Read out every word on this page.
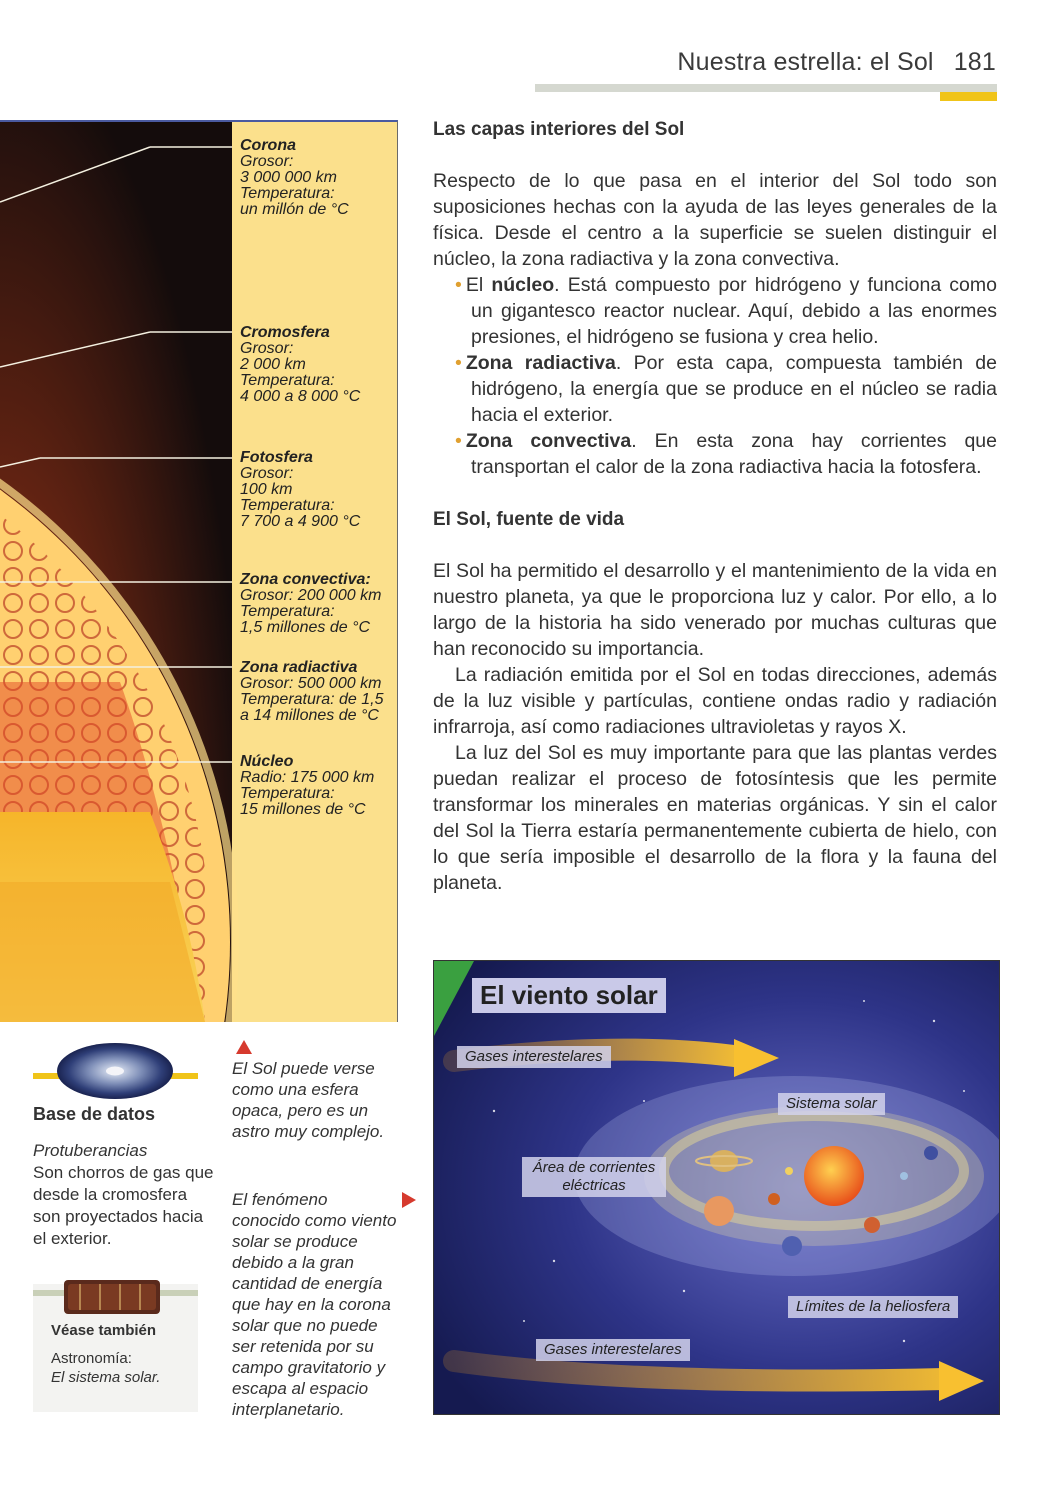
Nuestra estrella: el Sol 181
Corona
Grosor:
3 000 000 km
Temperatura:
un millón de °C
Cromosfera
Grosor:
2 000 km
Temperatura:
4 000 a 8 000 °C
Fotosfera
Grosor:
100 km
Temperatura:
7 700 a 4 900 °C
Zona convectiva:
Grosor: 200 000 km
Temperatura:
1,5 millones de °C
Zona radiactiva
Grosor: 500 000 km
Temperatura: de 1,5
a 14 millones de °C
Núcleo
Radio: 175 000 km
Temperatura:
15 millones de °C
Las capas interiores del Sol

Respecto de lo que pasa en el interior del Sol todo son suposiciones hechas con la ayuda de las leyes generales de la física. Desde el centro a la superficie se suelen distinguir el núcleo, la zona radiactiva y la zona convectiva.

• El núcleo. Está compuesto por hidrógeno y funciona como un gigantesco reactor nuclear. Aquí, debido a las enormes presiones, el hidrógeno se fusiona y crea helio.

• Zona radiactiva. Por esta capa, compuesta también de hidrógeno, la energía que se produce en el núcleo se radia hacia el exterior.

• Zona convectiva. En esta zona hay corrientes que transportan el calor de la zona radiactiva hacia la fotosfera.

El Sol, fuente de vida

El Sol ha permitido el desarrollo y el mantenimiento de la vida en nuestro planeta, ya que le proporciona luz y calor. Por ello, a lo largo de la historia ha sido venerado por muchas culturas que han reconocido su importancia.

La radiación emitida por el Sol en todas direcciones, además de la luz visible y partículas, contiene ondas radio y radiación infrarroja, así como radiaciones ultravioletas y rayos X.

La luz del Sol es muy importante para que las plantas verdes puedan realizar el proceso de fotosíntesis que les permite transformar los minerales en materias orgánicas. Y sin el calor del Sol la Tierra estaría permanentemente cubierta de hielo, con lo que sería imposible el desarrollo de la flora y la fauna del planeta.

Base de datos
Protuberancias
Son chorros de gas que desde la cromosfera son proyectados hacia el exterior.
Véase también
Astronomía:
El sistema solar.
El Sol puede verse como una esfera opaca, pero es un astro muy complejo.
El fenómeno conocido como viento solar se produce debido a la gran cantidad de energía que hay en la corona solar que no puede ser retenida por su campo gravitatorio y escapa al espacio interplanetario.
El viento solar
Gases interestelares
Sistema solar
Área de corrientes eléctricas
Límites de la heliosfera
Gases interestelares
